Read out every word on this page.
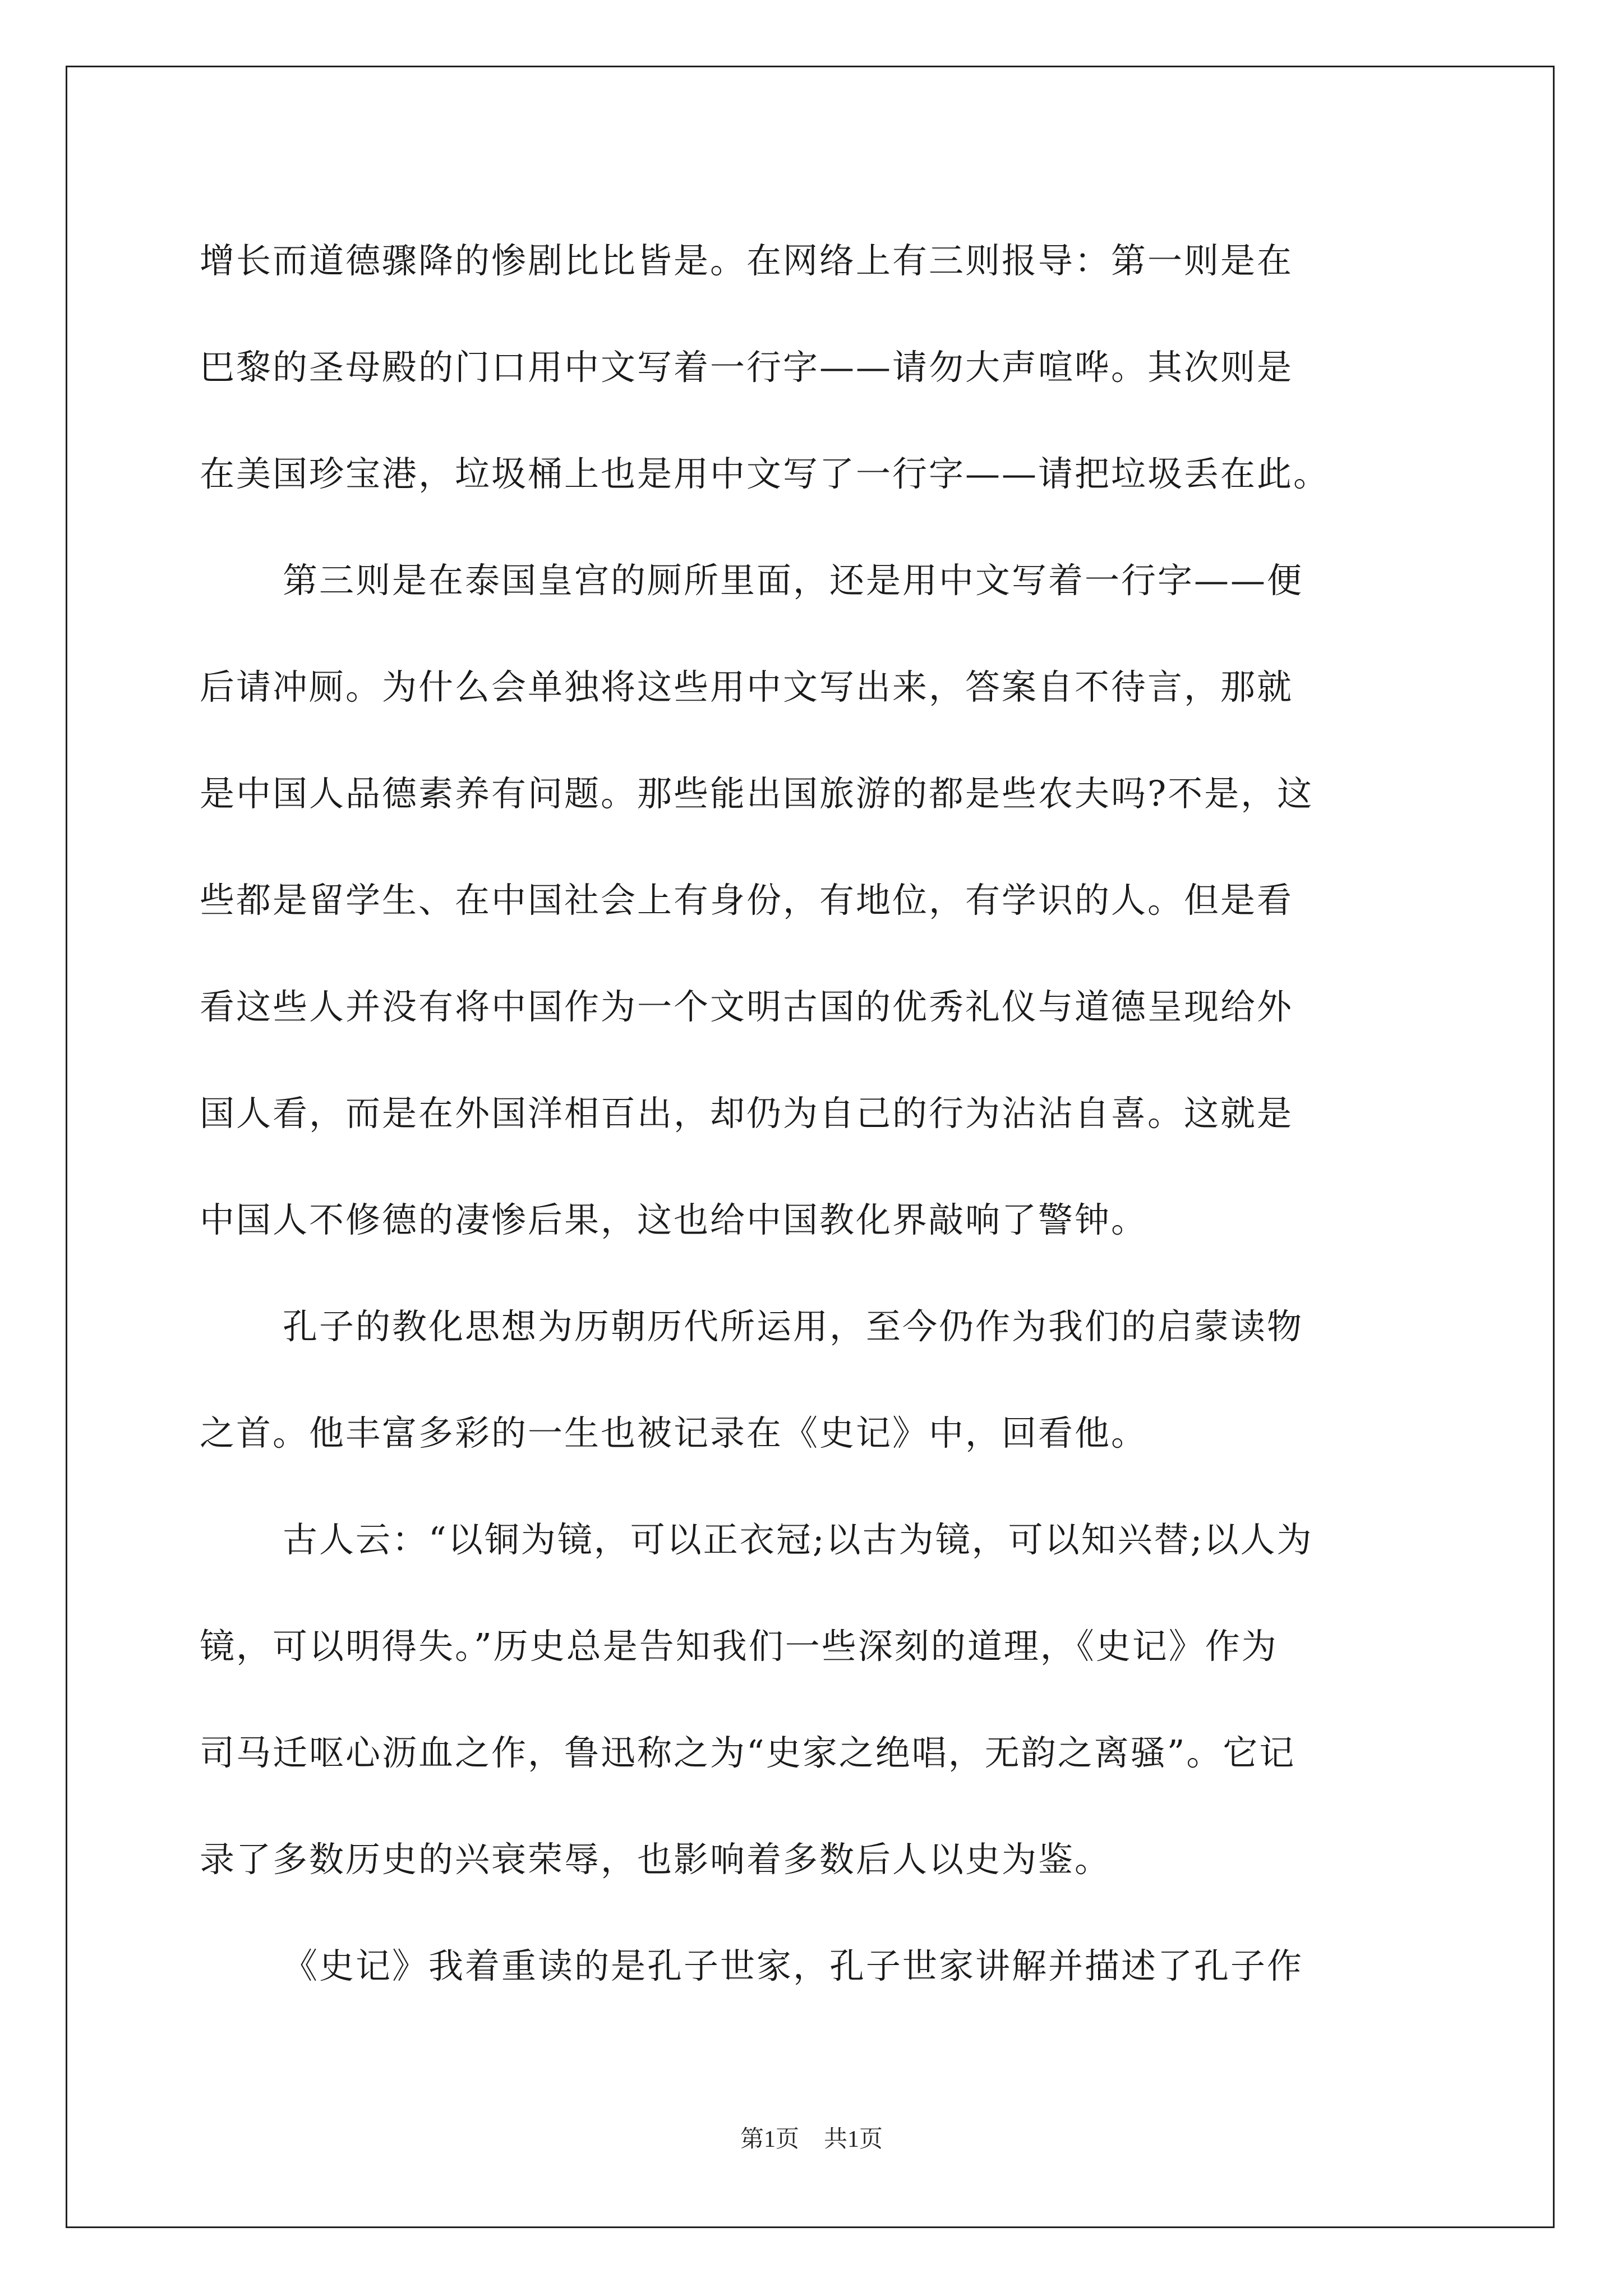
增长而道德骤降的惨剧比比皆是。在网络上有三则报导：第一则是在
巴黎的圣母殿的门口用中文写着一行字——请勿大声喧哗。其次则是
在美国珍宝港，垃圾桶上也是用中文写了一行字——请把垃圾丢在此。
第三则是在泰国皇宫的厕所里面，还是用中文写着一行字——便
后请冲厕。为什么会单独将这些用中文写出来，答案自不待言，那就
是中国人品德素养有问题。那些能出国旅游的都是些农夫吗?不是，这
些都是留学生、在中国社会上有身份，有地位，有学识的人。但是看
看这些人并没有将中国作为一个文明古国的优秀礼仪与道德呈现给外
国人看，而是在外国洋相百出，却仍为自己的行为沾沾自喜。这就是
中国人不修德的凄惨后果，这也给中国教化界敲响了警钟。
孔子的教化思想为历朝历代所运用，至今仍作为我们的启蒙读物
之首。他丰富多彩的一生也被记录在《史记》中，回看他。
古人云：“以铜为镜，可以正衣冠;以古为镜，可以知兴替;以人为
镜，可以明得失。”历史总是告知我们一些深刻的道理，《史记》作为
司马迁呕心沥血之作，鲁迅称之为“史家之绝唱，无韵之离骚”。它记
录了多数历史的兴衰荣辱，也影响着多数后人以史为鉴。
《史记》我着重读的是孔子世家，孔子世家讲解并描述了孔子作
第1页 共1页
